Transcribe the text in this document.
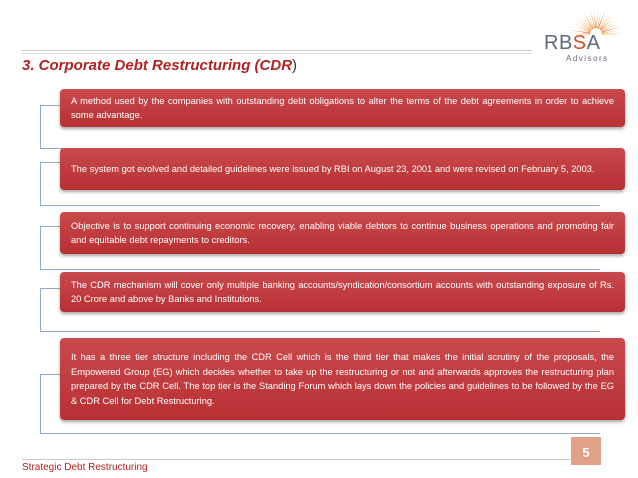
RBSA
Advisors
3. Corporate Debt Restructuring (CDR)
A method used by the companies with outstanding debt obligations to alter the terms of the debt agreements in order to achieve some advantage.
The system got evolved and detailed guidelines were issued by RBI on August 23, 2001 and were revised on February 5, 2003.
Objective is to support continuing economic recovery, enabling viable debtors to continue business operations and promoting fair and equitable debt repayments to creditors.
The CDR mechanism will cover only multiple banking accounts/syndication/consortium accounts with outstanding exposure of Rs. 20 Crore and above by Banks and Institutions.
It has a three tier structure including the CDR Cell which is the third tier that makes the initial scrutiny of the proposals, the Empowered Group (EG) which decides whether to take up the restructuring or not and afterwards approves the restructuring plan prepared by the CDR Cell. The top tier is the Standing Forum which lays down the policies and guidelines to be followed by the EG & CDR Cell for Debt Restructuring.
5
Strategic Debt Restructuring
